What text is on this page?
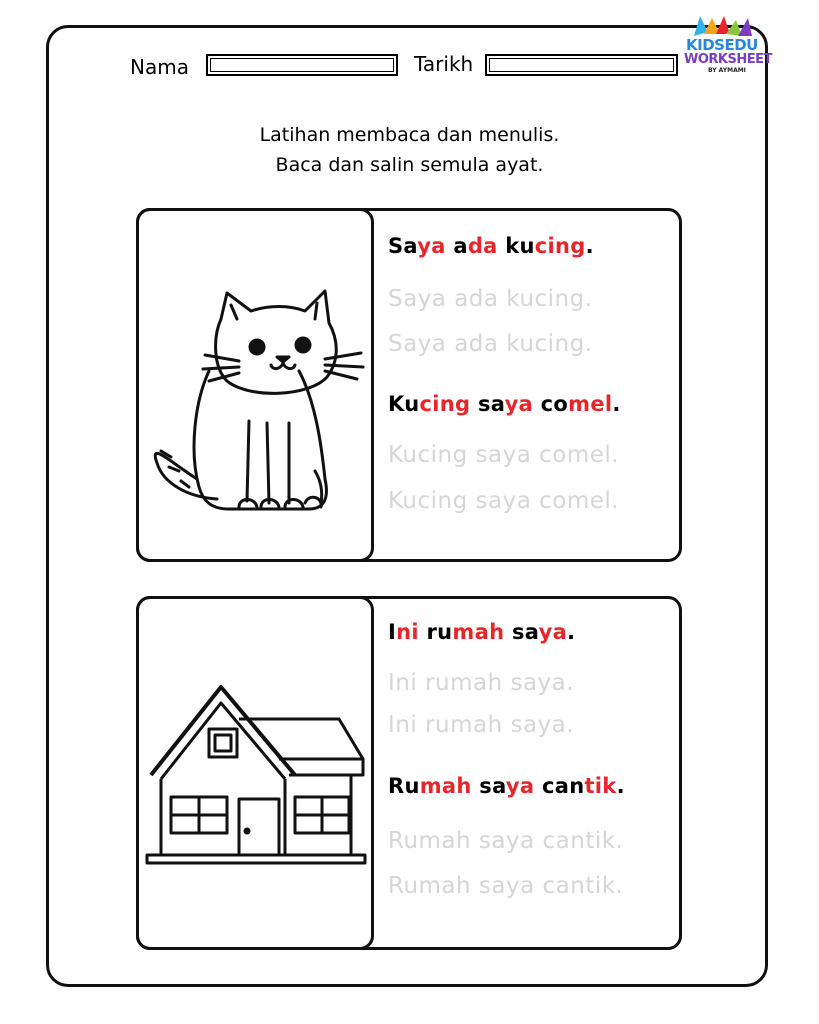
Nama	Tarikh
KIDSEDU
WORKSHEET
BY AYMAMI
Latihan membaca dan menulis.
Baca dan salin semula ayat.
Saya ada kucing.
Saya ada kucing.
Saya ada kucing.
Kucing saya comel.
Kucing saya comel.
Kucing saya comel.
Ini rumah saya.
Ini rumah saya.
Ini rumah saya.
Rumah saya cantik.
Rumah saya cantik.
Rumah saya cantik.
